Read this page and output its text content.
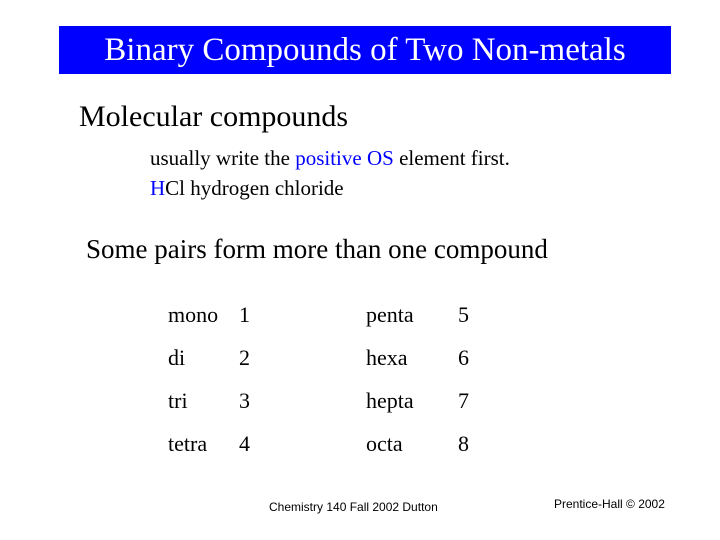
Binary Compounds of Two Non-metals
Molecular compounds
usually write the positive OS element first.
HCl hydrogen chloride
Some pairs form more than one compound
mono 1	penta 5
di 2	hexa 6
tri 3	hepta 7
tetra 4	octa	8
Chemistry 140 Fall 2002 Dutton	Prentice-Hall © 2002
